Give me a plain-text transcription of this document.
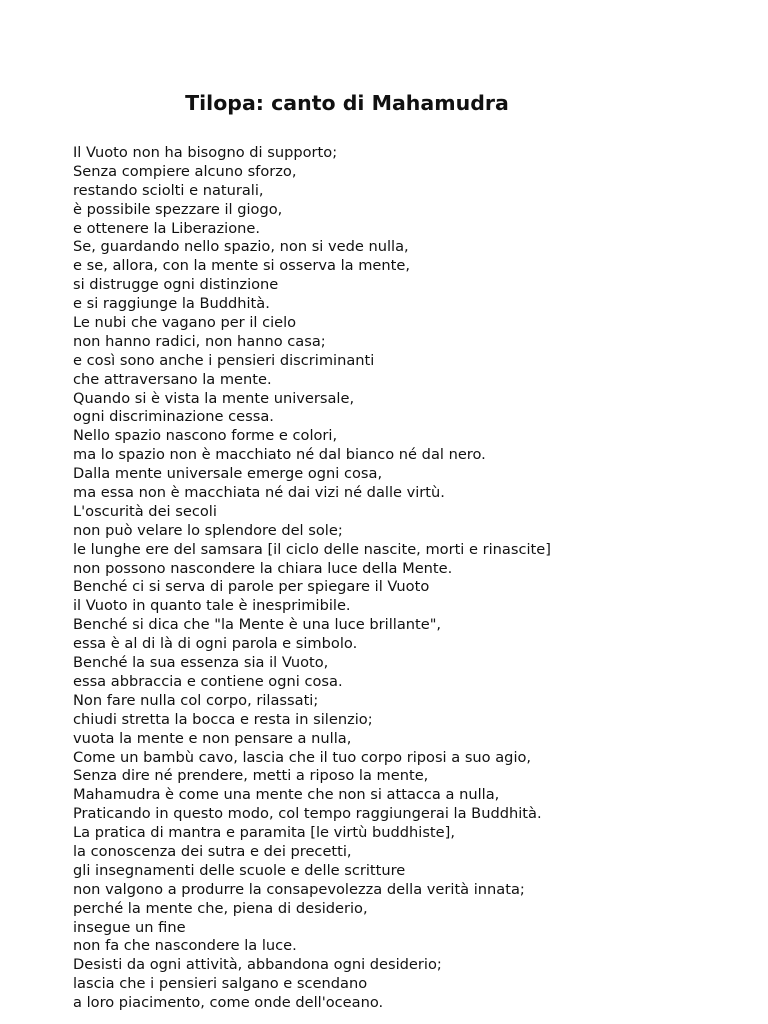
Tilopa: canto di Mahamudra
Il Vuoto non ha bisogno di supporto;
Senza compiere alcuno sforzo,
restando sciolti e naturali,
è possibile spezzare il giogo,
e ottenere la Liberazione.
Se, guardando nello spazio, non si vede nulla,
e se, allora, con la mente si osserva la mente,
si distrugge ogni distinzione
e si raggiunge la Buddhità.
Le nubi che vagano per il cielo
non hanno radici, non hanno casa;
e così sono anche i pensieri discriminanti
che attraversano la mente.
Quando si è vista la mente universale,
ogni discriminazione cessa.
Nello spazio nascono forme e colori,
ma lo spazio non è macchiato né dal bianco né dal nero.
Dalla mente universale emerge ogni cosa,
ma essa non è macchiata né dai vizi né dalle virtù.
L'oscurità dei secoli
non può velare lo splendore del sole;
le lunghe ere del samsara [il ciclo delle nascite, morti e rinascite]
non possono nascondere la chiara luce della Mente.
Benché ci si serva di parole per spiegare il Vuoto
il Vuoto in quanto tale è inesprimibile.
Benché si dica che "la Mente è una luce brillante",
essa è al di là di ogni parola e simbolo.
Benché la sua essenza sia il Vuoto,
essa abbraccia e contiene ogni cosa.
Non fare nulla col corpo, rilassati;
chiudi stretta la bocca e resta in silenzio;
vuota la mente e non pensare a nulla,
Come un bambù cavo, lascia che il tuo corpo riposi a suo agio,
Senza dire né prendere, metti a riposo la mente,
Mahamudra è come una mente che non si attacca a nulla,
Praticando in questo modo, col tempo raggiungerai la Buddhità.
La pratica di mantra e paramita [le virtù buddhiste],
la conoscenza dei sutra e dei precetti,
gli insegnamenti delle scuole e delle scritture
non valgono a produrre la consapevolezza della verità innata;
perché la mente che, piena di desiderio,
insegue un fine
non fa che nascondere la luce.
Desisti da ogni attività, abbandona ogni desiderio;
lascia che i pensieri salgano e scendano
a loro piacimento, come onde dell'oceano.
